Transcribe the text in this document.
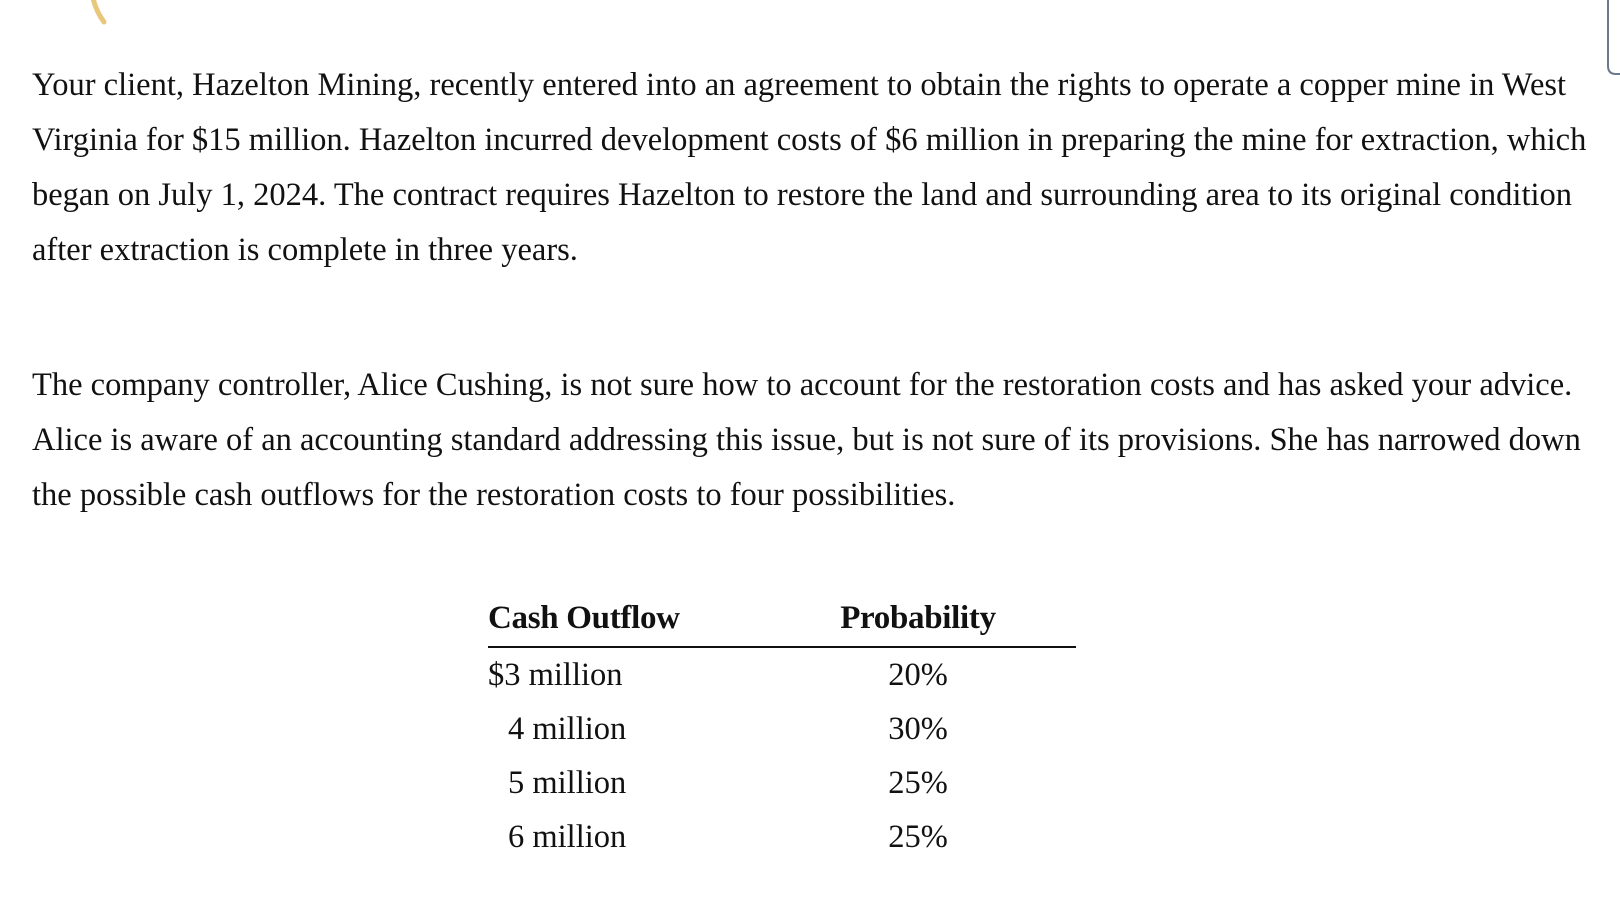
Your client, Hazelton Mining, recently entered into an agreement to obtain the rights to operate a copper mine in West Virginia for $15 million. Hazelton incurred development costs of $6 million in preparing the mine for extraction, which began on July 1, 2024. The contract requires Hazelton to restore the land and surrounding area to its original condition after extraction is complete in three years.

The company controller, Alice Cushing, is not sure how to account for the restoration costs and has asked your advice. Alice is aware of an accounting standard addressing this issue, but is not sure of its provisions. She has narrowed down the possible cash outflows for the restoration costs to four possibilities.

Cash Outflow	Probability
$3 million	20%
4 million	30%
5 million	25%
6 million	25%
